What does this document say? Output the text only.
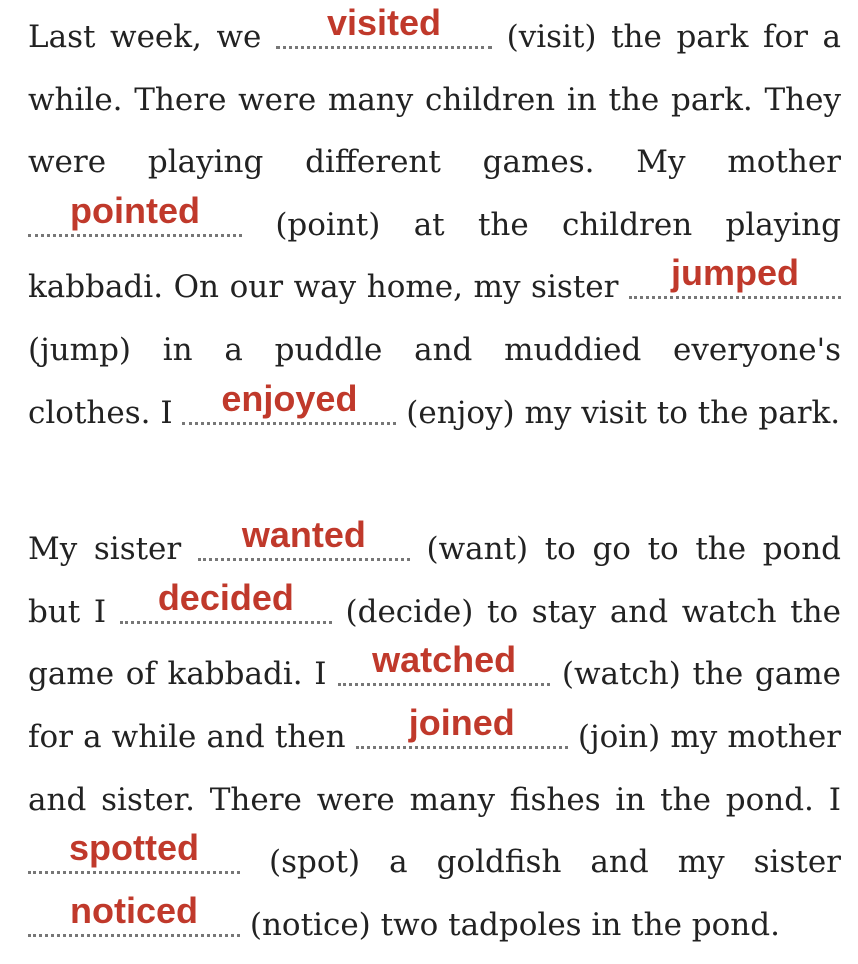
Last week, we	visited	(visit) the park for a while. There were many children in the park. They were playing different games. My mother
pointed	(point) at the children playing kabbadi. On our way home, my sister	jumped
(jump) in a puddle and muddied everyone's clothes. I	enjoyed	(enjoy) my visit to the park.

My sister	wanted	(want) to go to the pond but I	decided	(decide) to stay and watch the game of kabbadi. I	watched	(watch) the game for a while and then	joined	(join) my mother and sister. There were many fishes in the pond. I
spotted	(spot) a goldfish and my sister
noticed	(notice) two tadpoles in the pond.
